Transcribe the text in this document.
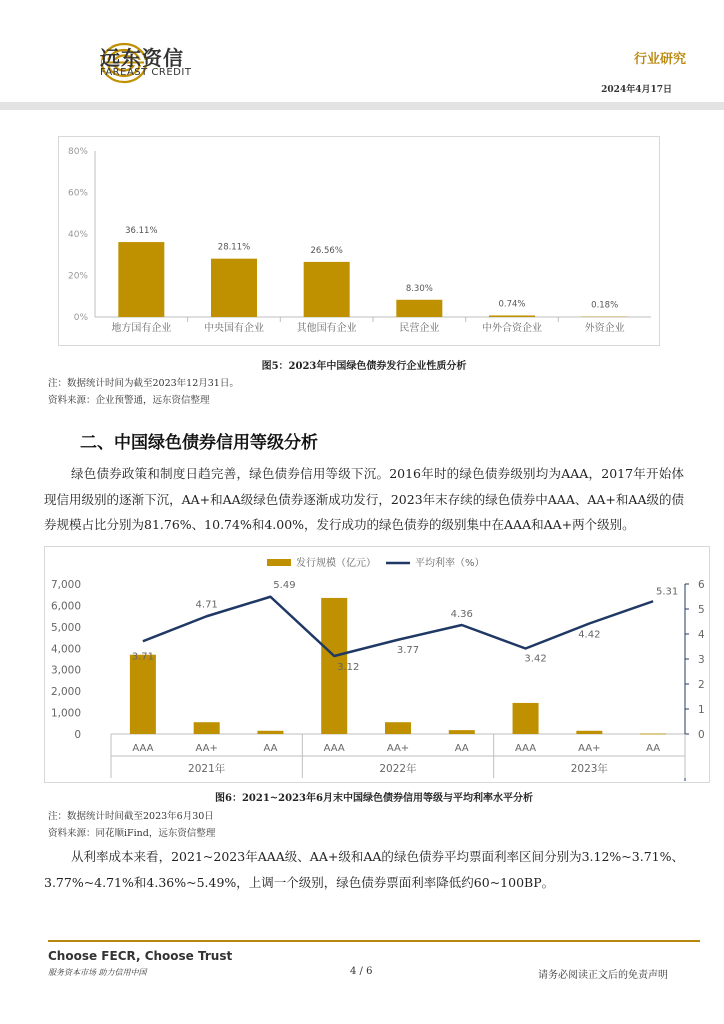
远东资信
FAREAST CREDIT
行业研究
2024年4月17日
0%
20%
40%
60%
80%
36.11%
地方国有企业
28.11%
中央国有企业
26.56%
其他国有企业
8.30%
民营企业
0.74%
中外合资企业
0.18%
外资企业
图5：2023年中国绿色债券发行企业性质分析
注：数据统计时间为截至2023年12月31日。
资料来源：企业预警通，远东资信整理
二、中国绿色债券信用等级分析

绿色债券政策和制度日趋完善，绿色债券信用等级下沉。2016年时的绿色债券级别均为AAA，2017年开始体现信用级别的逐渐下沉，AA+和AA级绿色债券逐渐成功发行，2023年末存续的绿色债券中AAA、AA+和AA级的债券规模占比分别为81.76%、10.74%和4.00%，发行成功的绿色债券的级别集中在AAA和AA+两个级别。

发行规模（亿元）	平均利率（%）
0
1,000
2,000
3,000
4,000
5,000
6,000
7,000
0
1
2
3
4
5
6
AAA	AA+	AA	AAA	AA+	AA	AAA	AA+	AA
2021年	2022年	2023年
3.71
4.71
5.49
3.12
3.77
4.36
3.42
4.42
5.31
图6：2021~2023年6月末中国绿色债券信用等级与平均利率水平分析
注：数据统计时间截至2023年6月30日
资料来源：同花顺iFind，远东资信整理

从利率成本来看，2021~2023年AAA级、AA+级和AA的绿色债券平均票面利率区间分别为3.12%~3.71%、3.77%~4.71%和4.36%~5.49%，上调一个级别，绿色债券票面利率降低约60~100BP。

Choose FECR, Choose Trust
服务资本市场 助力信用中国	4 / 6	请务必阅读正文后的免责声明
